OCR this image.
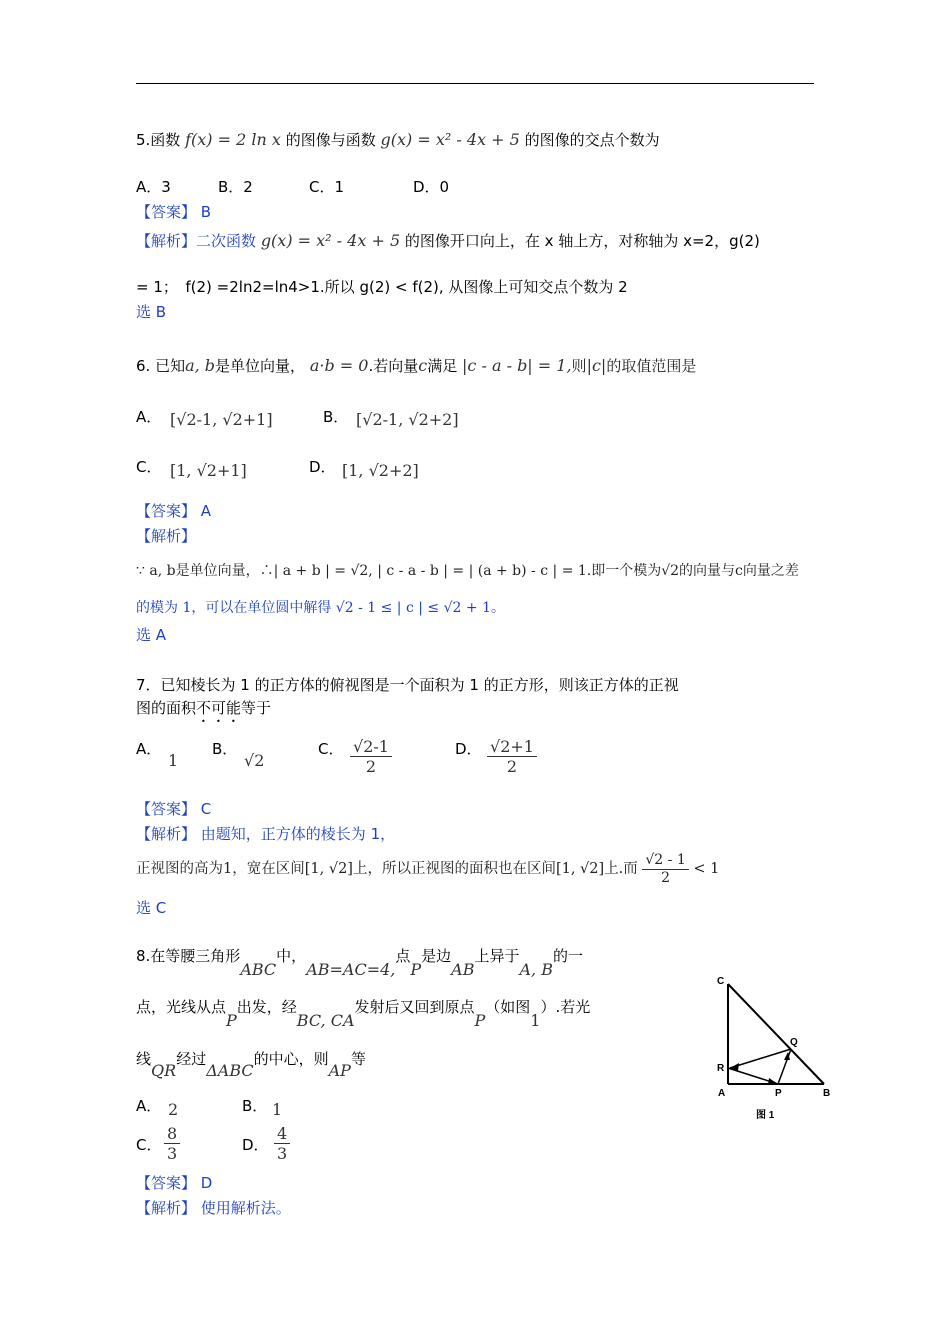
5.函数 f(x) = 2 ln x 的图像与函数 g(x) = x² - 4x + 5 的图像的交点个数为
A．3	B．2	C．1	D．0
【答案】 B
【解析】二次函数 g(x) = x² - 4x + 5 的图像开口向上，在 x 轴上方，对称轴为 x=2，g(2)
= 1；　f(2) =2ln2=ln4>1.所以 g(2) < f(2), 从图像上可知交点个数为 2
选 B
6. 已知a, b是单位向量， a·b = 0.若向量c满足 |c - a - b| = 1,则|c|的取值范围是
A． [√2-1, √2+1]	B． [√2-1, √2+2]
C． [1, √2+1]	D． [1, √2+2]
【答案】 A
【解析】
∵ a, b是单位向量，∴| a + b | = √2, | c - a - b | = | (a + b) - c | = 1.即一个模为√2的向量与c向量之差
的模为 1，可以在单位圆中解得 √2 - 1 ≤ | c | ≤ √2 + 1。
选 A
7．已知棱长为 1 的正方体的俯视图是一个面积为 1 的正方形，则该正方体的正视
图的面积不可能等于
A．
1
B．
√2
C． $\frac{√2-1}{2}$	D． $\frac{√2+1}{2}$
【答案】 C
【解析】 由题知，正方体的棱长为 1，
正视图的高为1，宽在区间[1, √2]上，所以正视图的面积也在区间[1, √2]上.而 $\frac{√2 - 1}{2} < 1$
选 C
8.在等腰三角形ABC中，AB=AC=4,点P是边AB上异于A, B的一
点，光线从点P出发，经BC, CA发射后又回到原点P（如图1）.若光
线QR经过ΔABC的中心，则AP等
A． 2	B． 1
C． $\frac{8}{3}$	D． $\frac{4}{3}$
【答案】 D
【解析】 使用解析法。
C
Q
R
A	P	B
图 1
